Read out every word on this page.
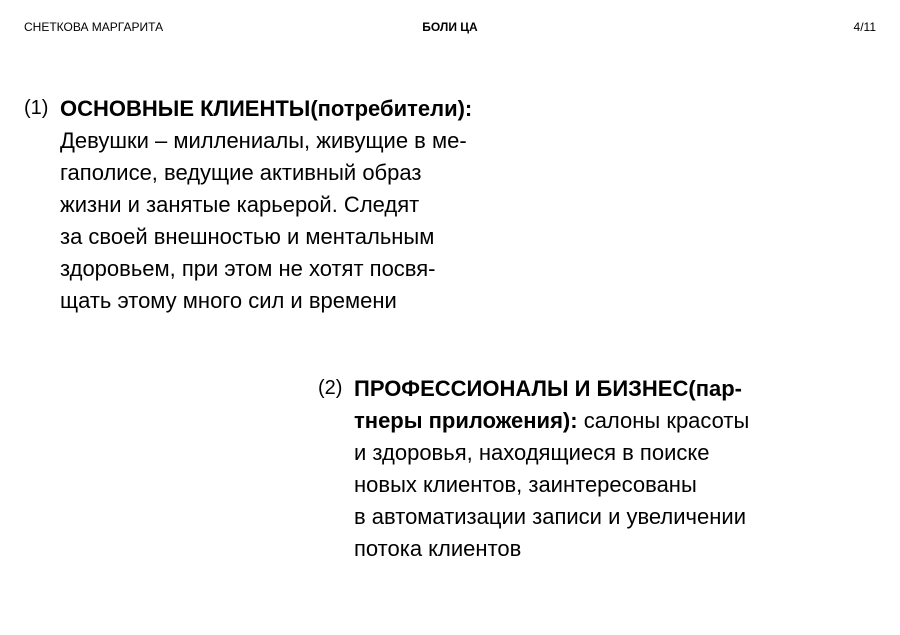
СНЕТКОВА МАРГАРИТА	БОЛИ ЦА	4/11
(1) ОСНОВНЫЕ КЛИЕНТЫ(потребители):
Девушки – миллениалы, живущие в ме-
гаполисе, ведущие активный образ
жизни и занятые карьерой. Следят
за своей внешностью и ментальным
здоровьем, при этом не хотят посвя-
щать этому много сил и времени
(2) ПРОФЕССИОНАЛЫ И БИЗНЕС(пар-
тнеры приложения): салоны красоты
и здоровья, находящиеся в поиске
новых клиентов, заинтересованы
в автоматизации записи и увеличении
потока клиентов
